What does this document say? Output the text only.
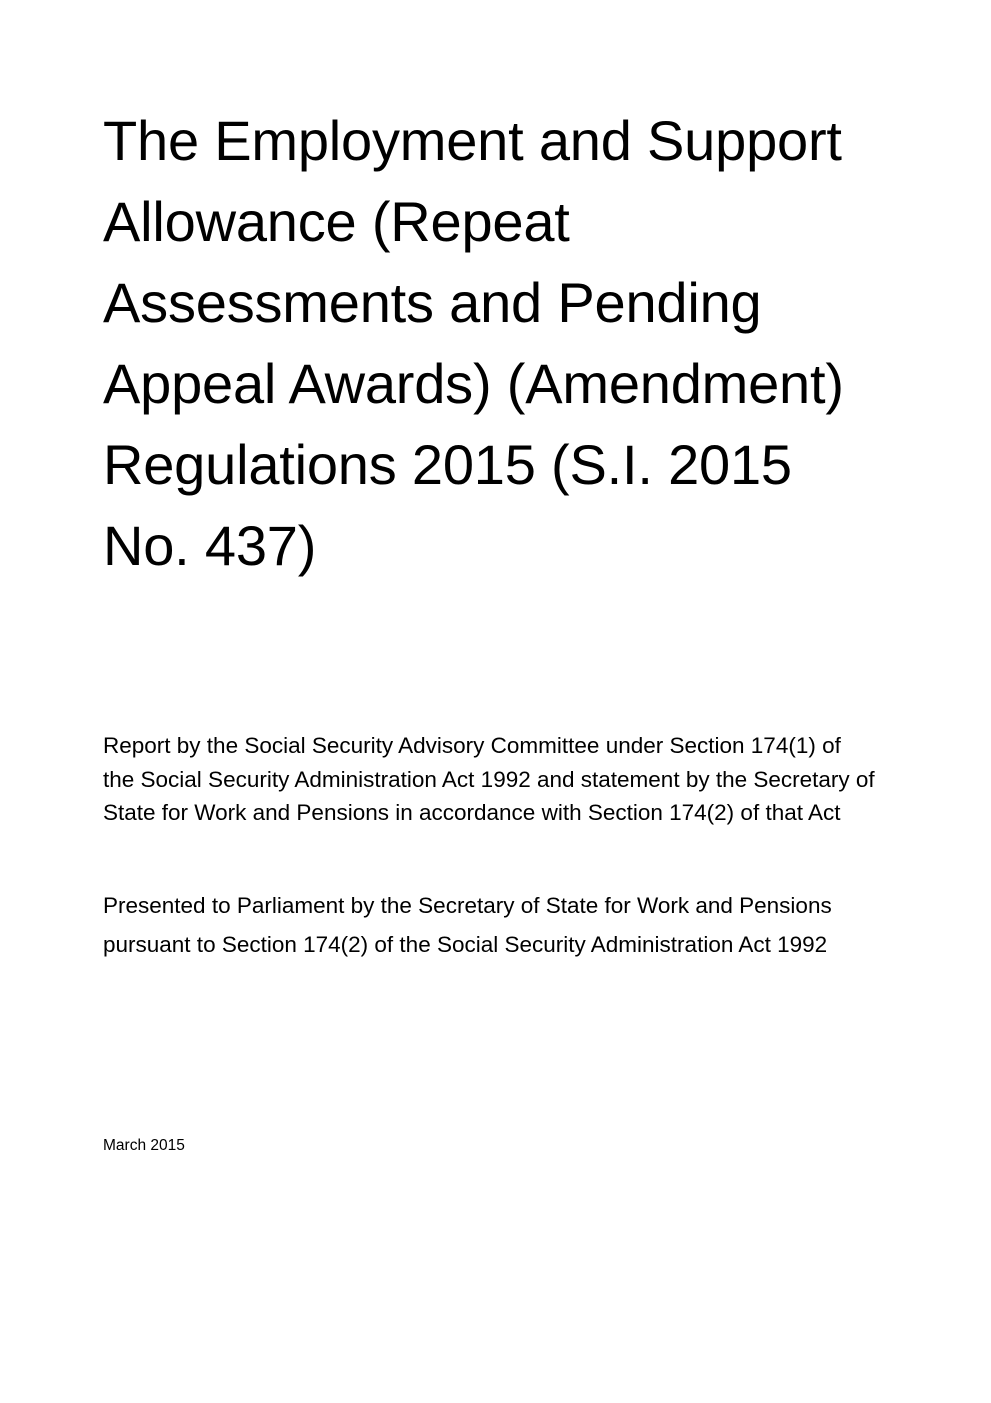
The Employment and Support Allowance (Repeat Assessments and Pending Appeal Awards) (Amendment) Regulations 2015 (S.I. 2015 No. 437)

Report by the Social Security Advisory Committee under Section 174(1) of the Social Security Administration Act 1992 and statement by the Secretary of State for Work and Pensions in accordance with Section 174(2) of that Act

Presented to Parliament by the Secretary of State for Work and Pensions pursuant to Section 174(2) of the Social Security Administration Act 1992

March 2015
